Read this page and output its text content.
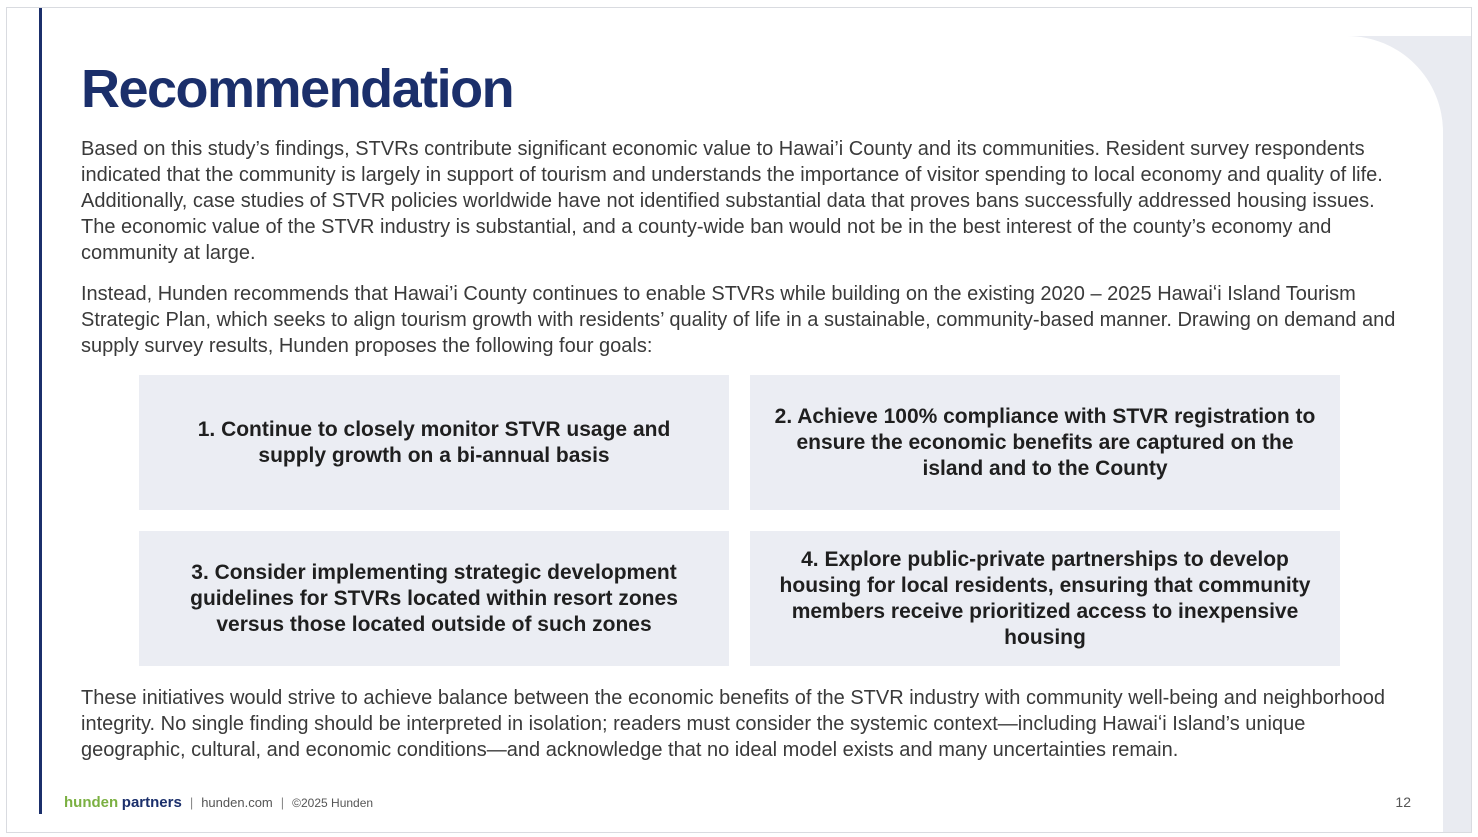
Recommendation

Based on this study’s findings, STVRs contribute significant economic value to Hawai’i County and its communities. Resident survey respondents indicated that the community is largely in support of tourism and understands the importance of visitor spending to local economy and quality of life. Additionally, case studies of STVR policies worldwide have not identified substantial data that proves bans successfully addressed housing issues. The economic value of the STVR industry is substantial, and a county-wide ban would not be in the best interest of the county’s economy and community at large.

Instead, Hunden recommends that Hawai’i County continues to enable STVRs while building on the existing 2020 – 2025 Hawaiʻi Island Tourism Strategic Plan, which seeks to align tourism growth with residents’ quality of life in a sustainable, community-based manner. Drawing on demand and supply survey results, Hunden proposes the following four goals:

1. Continue to closely monitor STVR usage and supply growth on a bi-annual basis
2. Achieve 100% compliance with STVR registration to ensure the economic benefits are captured on the island and to the County
3. Consider implementing strategic development guidelines for STVRs located within resort zones versus those located outside of such zones
4. Explore public-private partnerships to develop housing for local residents, ensuring that community members receive prioritized access to inexpensive housing

These initiatives would strive to achieve balance between the economic benefits of the STVR industry with community well-being and neighborhood integrity. No single finding should be interpreted in isolation; readers must consider the systemic context—including Hawaiʻi Island’s unique geographic, cultural, and economic conditions—and acknowledge that no ideal model exists and many uncertainties remain.

hunden partners | hunden.com | ©2025 Hunden	12
